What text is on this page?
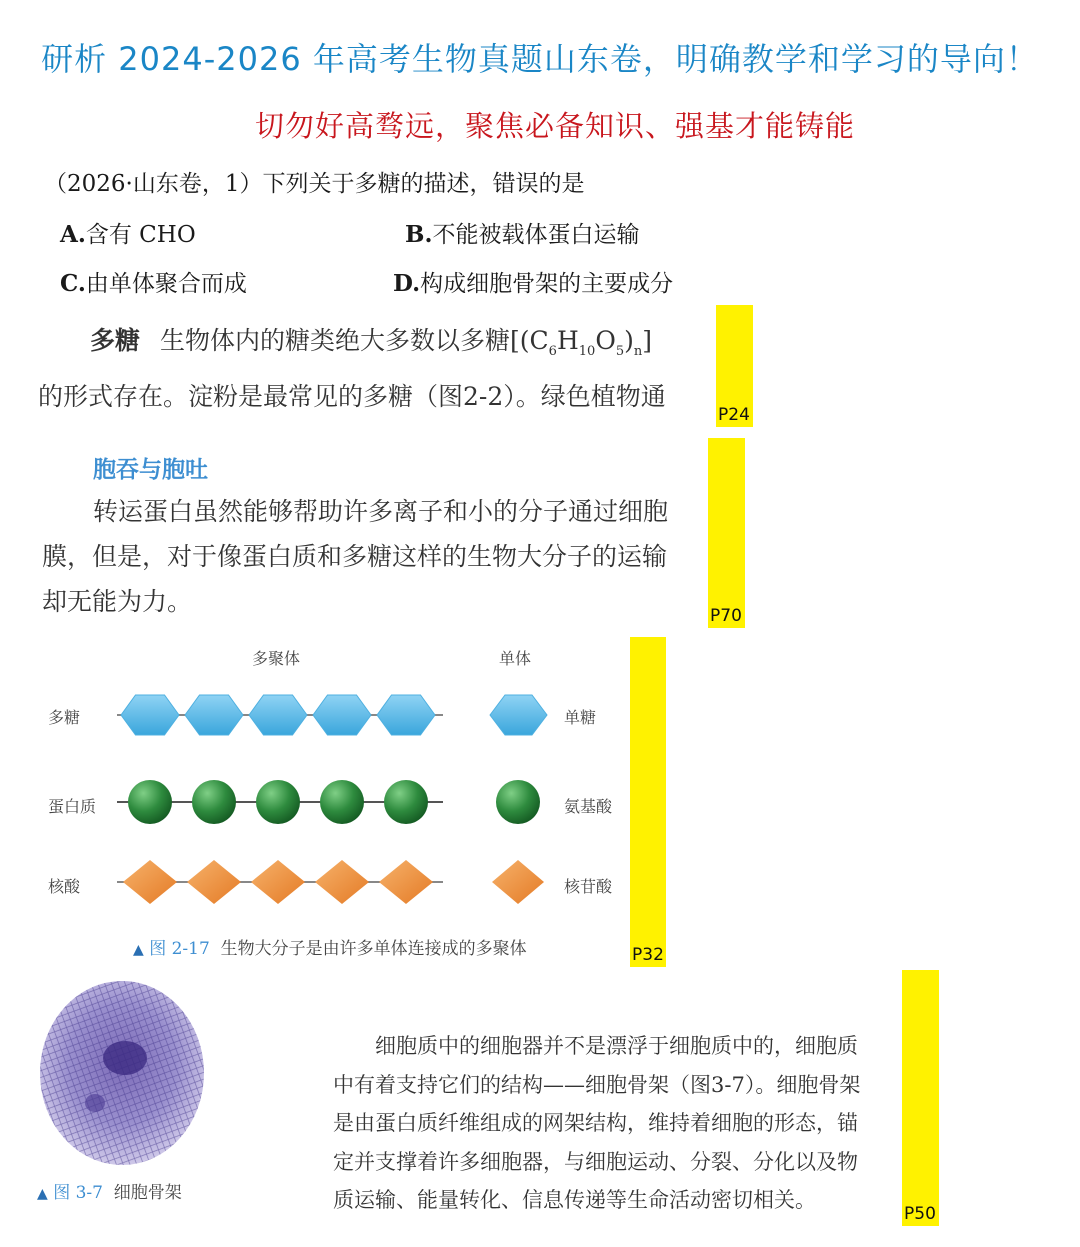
研析 2024-2026 年高考生物真题山东卷，明确教学和学习的导向！
切勿好高骛远，聚焦必备知识、强基才能铸能
（2026·山东卷，1）下列关于多糖的描述，错误的是
A.含有 CHO	B.不能被载体蛋白运输
C.由单体聚合而成	D.构成细胞骨架的主要成分
多糖 生物体内的糖类绝大多数以多糖$[(C_6H_{10}O_5)_n]$
的形式存在。淀粉是最常见的多糖（图2-2）。绿色植物通
P24
胞吞与胞吐
转运蛋白虽然能够帮助许多离子和小的分子通过细胞
膜，但是，对于像蛋白质和多糖这样的生物大分子的运输
却无能为力。	P70
多聚体	单体
多糖
蛋白质
核酸
单糖
氨基酸
核苷酸
▲ 图 2-17 生物大分子是由许多单体连接成的多聚体	P32
▲ 图 3-7 细胞骨架
细胞质中的细胞器并不是漂浮于细胞质中的，细胞质
中有着支持它们的结构——细胞骨架（图3-7）。细胞骨架
是由蛋白质纤维组成的网架结构，维持着细胞的形态，锚
定并支撑着许多细胞器，与细胞运动、分裂、分化以及物
质运输、能量转化、信息传递等生命活动密切相关。
P50
